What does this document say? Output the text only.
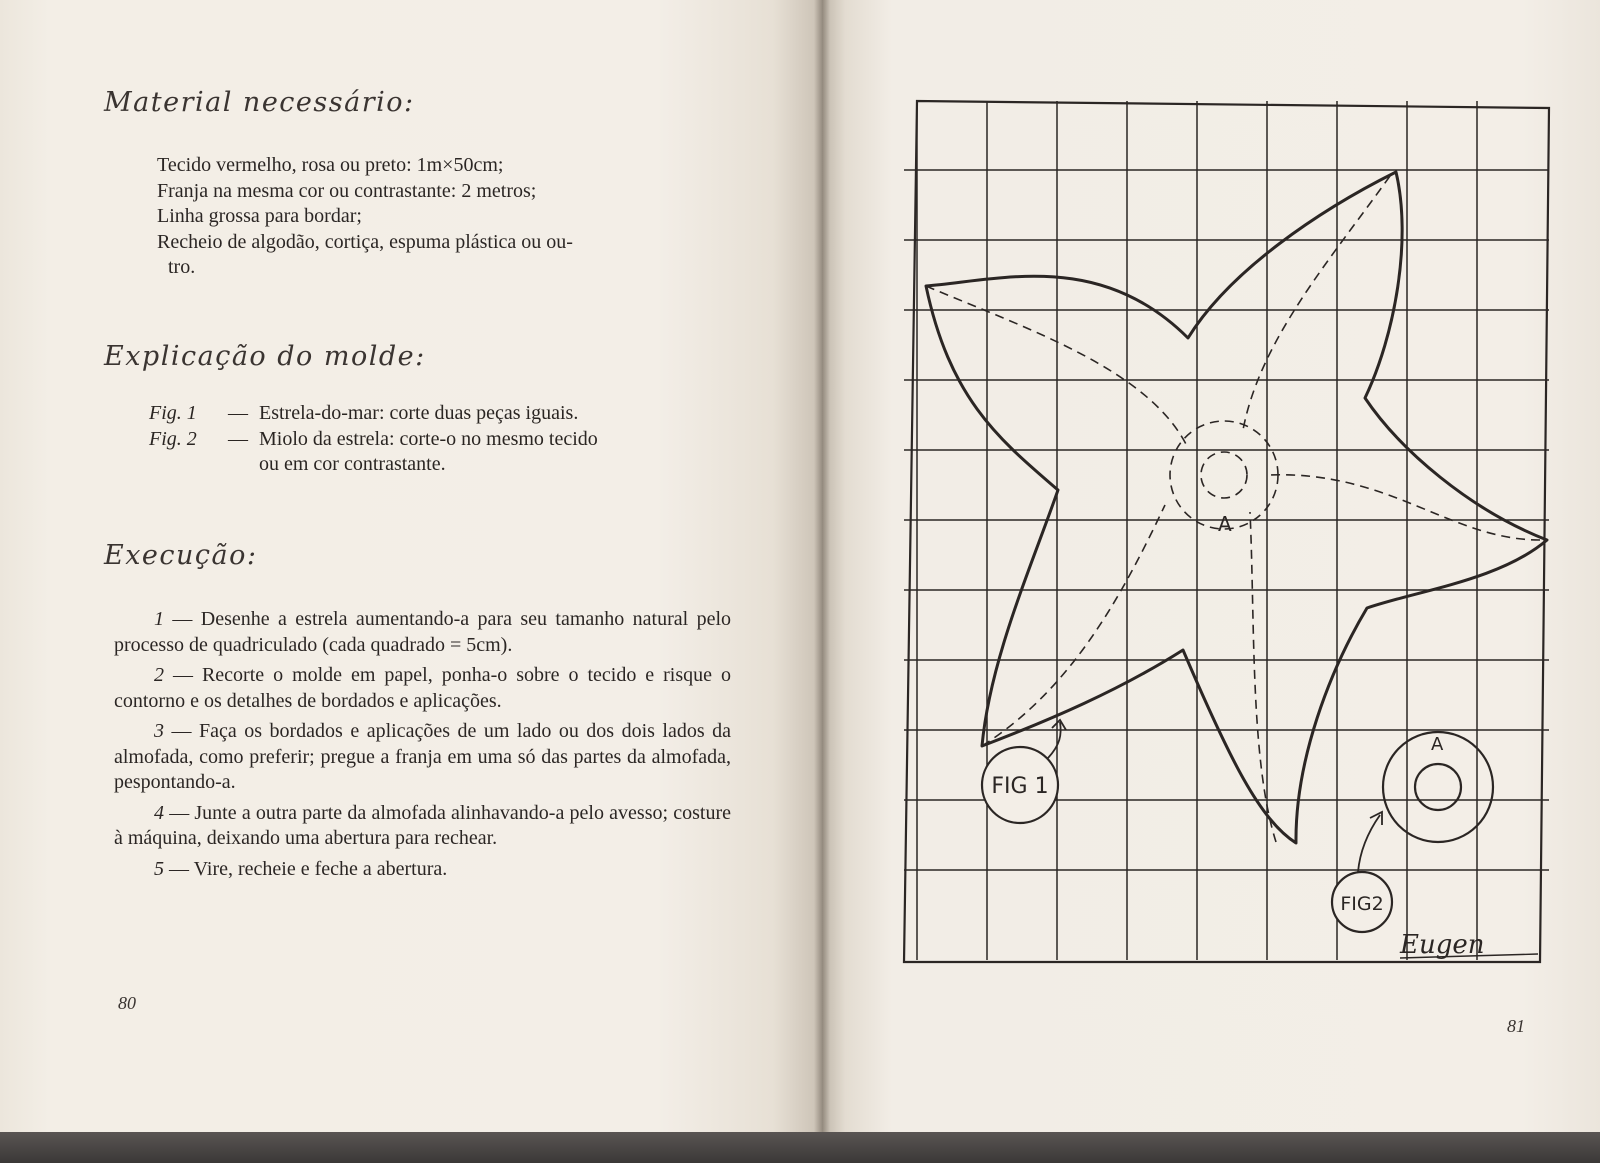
Material necessário:
Tecido vermelho, rosa ou preto: 1m×50cm;
Franja na mesma cor ou contrastante: 2 metros;
Linha grossa para bordar;
Recheio de algodão, cortiça, espuma plástica ou ou-
tro.
Explicação do molde:
Fig. 1 — Estrela-do-mar: corte duas peças iguais.
Fig. 2 — Miolo da estrela: corte-o no mesmo tecido
ou em cor contrastante.
Execução:

1 — Desenhe a estrela aumentando-a para seu tamanho natural pelo processo de quadriculado (cada quadrado = 5cm).

2 — Recorte o molde em papel, ponha-o sobre o tecido e risque o contorno e os detalhes de bordados e aplicações.

3 — Faça os bordados e aplicações de um lado ou dos dois lados da almofada, como preferir; pregue a franja em uma só das partes da almofada, pespontando-a.

4 — Junte a outra parte da almofada alinhavando-a pelo avesso; costure à máquina, deixando uma abertura para rechear.

5 — Vire, recheie e feche a abertura.

80
A
FIG 1
A
FIG2
Eugen
81
